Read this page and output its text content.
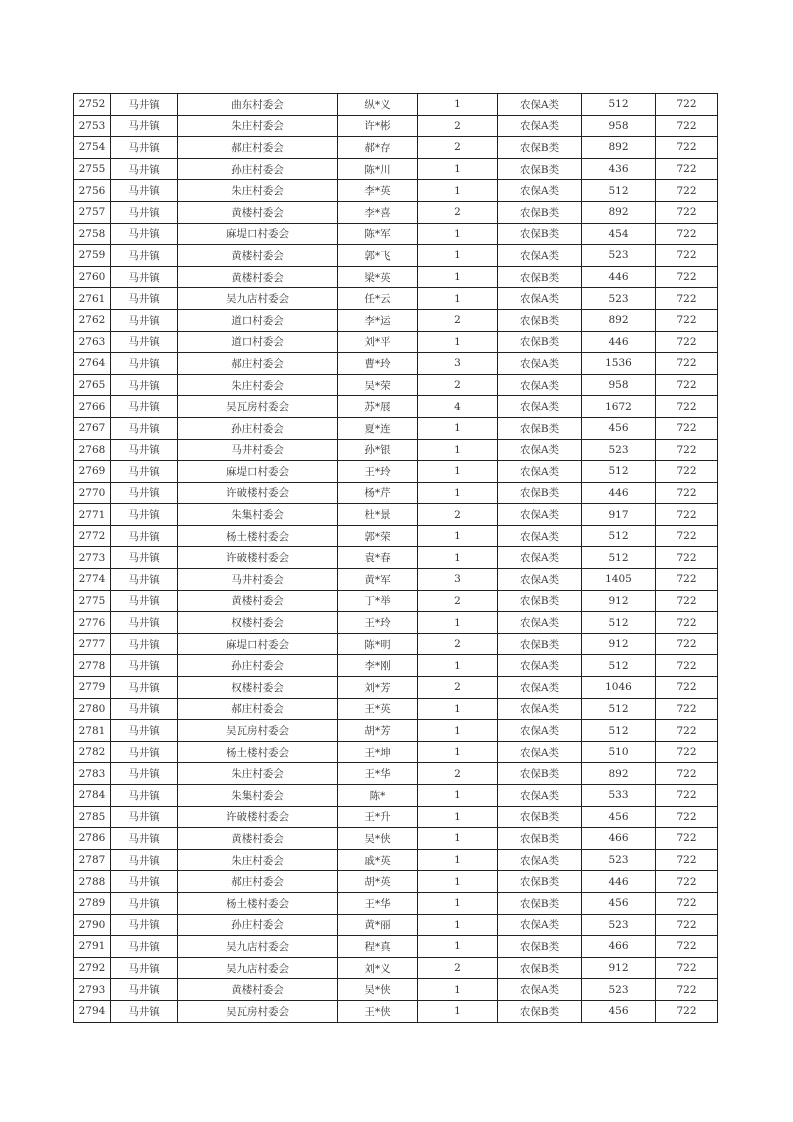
2752	马井镇	曲东村委会	纵*义	1	农保A类	512	722
2753	马井镇	朱庄村委会	许*彬	2	农保A类	958	722
2754	马井镇	郝庄村委会	郝*存	2	农保B类	892	722
2755	马井镇	孙庄村委会	陈*川	1	农保B类	436	722
2756	马井镇	朱庄村委会	李*英	1	农保A类	512	722
2757	马井镇	黄楼村委会	李*喜	2	农保B类	892	722
2758	马井镇	麻堤口村委会	陈*军	1	农保B类	454	722
2759	马井镇	黄楼村委会	郭*飞	1	农保A类	523	722
2760	马井镇	黄楼村委会	梁*英	1	农保B类	446	722
2761	马井镇	吴九店村委会	任*云	1	农保A类	523	722
2762	马井镇	道口村委会	李*运	2	农保B类	892	722
2763	马井镇	道口村委会	刘*平	1	农保B类	446	722
2764	马井镇	郝庄村委会	曹*玲	3	农保A类	1536	722
2765	马井镇	朱庄村委会	吴*荣	2	农保A类	958	722
2766	马井镇	吴瓦房村委会	苏*展	4	农保A类	1672	722
2767	马井镇	孙庄村委会	夏*连	1	农保B类	456	722
2768	马井镇	马井村委会	孙*银	1	农保A类	523	722
2769	马井镇	麻堤口村委会	王*玲	1	农保A类	512	722
2770	马井镇	许破楼村委会	杨*芹	1	农保B类	446	722
2771	马井镇	朱集村委会	杜*景	2	农保A类	917	722
2772	马井镇	杨土楼村委会	郭*荣	1	农保A类	512	722
2773	马井镇	许破楼村委会	袁*春	1	农保A类	512	722
2774	马井镇	马井村委会	黄*军	3	农保A类	1405	722
2775	马井镇	黄楼村委会	丁*举	2	农保B类	912	722
2776	马井镇	权楼村委会	王*玲	1	农保A类	512	722
2777	马井镇	麻堤口村委会	陈*明	2	农保B类	912	722
2778	马井镇	孙庄村委会	李*刚	1	农保A类	512	722
2779	马井镇	权楼村委会	刘*芳	2	农保A类	1046	722
2780	马井镇	郝庄村委会	王*英	1	农保A类	512	722
2781	马井镇	吴瓦房村委会	胡*芳	1	农保A类	512	722
2782	马井镇	杨土楼村委会	王*坤	1	农保A类	510	722
2783	马井镇	朱庄村委会	王*华	2	农保B类	892	722
2784	马井镇	朱集村委会	陈*	1	农保A类	533	722
2785	马井镇	许破楼村委会	王*升	1	农保B类	456	722
2786	马井镇	黄楼村委会	吴*侠	1	农保B类	466	722
2787	马井镇	朱庄村委会	戚*英	1	农保A类	523	722
2788	马井镇	郝庄村委会	胡*英	1	农保B类	446	722
2789	马井镇	杨土楼村委会	王*华	1	农保B类	456	722
2790	马井镇	孙庄村委会	黄*丽	1	农保A类	523	722
2791	马井镇	吴九店村委会	程*真	1	农保B类	466	722
2792	马井镇	吴九店村委会	刘*义	2	农保B类	912	722
2793	马井镇	黄楼村委会	吴*侠	1	农保A类	523	722
2794	马井镇	吴瓦房村委会	王*侠	1	农保B类	456	722
